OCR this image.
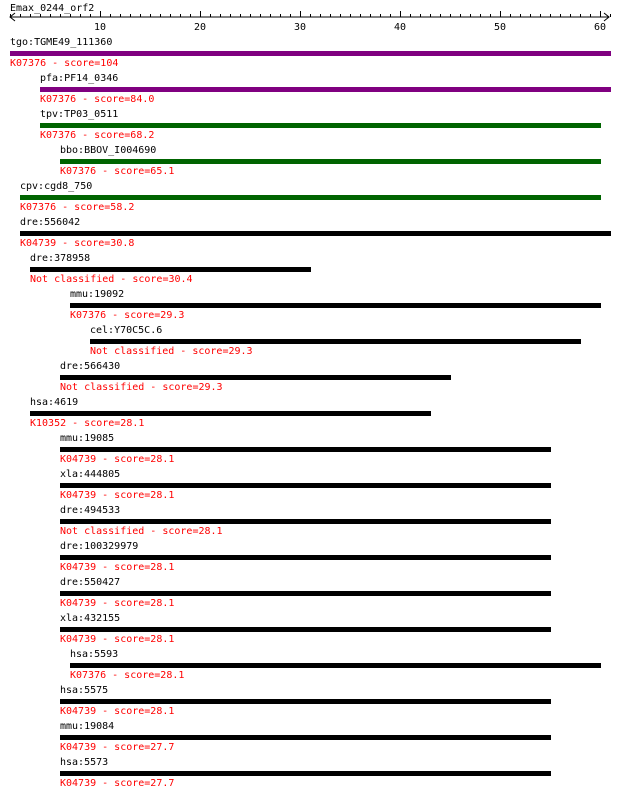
Emax_0244_orf2
10	20	30	40	50	60
tgo:TGME49_111360
K07376 - score=104
pfa:PF14_0346
K07376 - score=84.0
tpv:TP03_0511
K07376 - score=68.2
bbo:BBOV_I004690
K07376 - score=65.1
cpv:cgd8_750
K07376 - score=58.2
dre:556042
K04739 - score=30.8
dre:378958
Not classified - score=30.4
mmu:19092
K07376 - score=29.3
cel:Y70C5C.6
Not classified - score=29.3
dre:566430
Not classified - score=29.3
hsa:4619
K10352 - score=28.1
mmu:19085
K04739 - score=28.1
xla:444805
K04739 - score=28.1
dre:494533
Not classified - score=28.1
dre:100329979
K04739 - score=28.1
dre:550427
K04739 - score=28.1
xla:432155
K04739 - score=28.1
hsa:5593
K07376 - score=28.1
hsa:5575
K04739 - score=28.1
mmu:19084
K04739 - score=27.7
hsa:5573
K04739 - score=27.7
